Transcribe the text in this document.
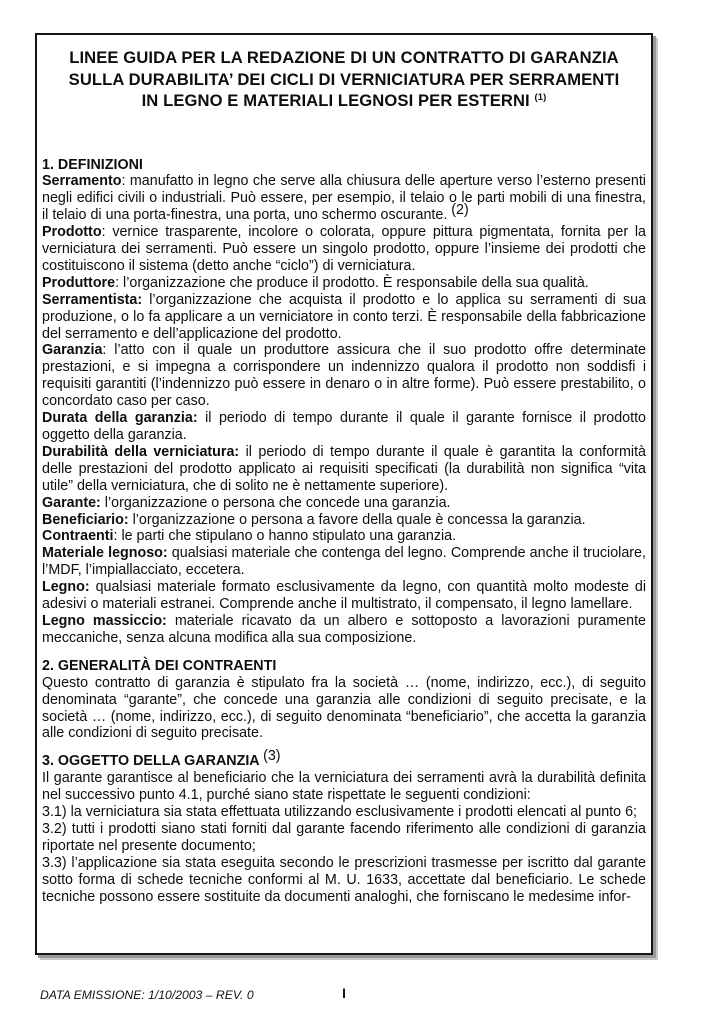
LINEE GUIDA PER LA REDAZIONE DI UN CONTRATTO DI GARANZIA
SULLA DURABILITA’ DEI CICLI DI VERNICIATURA PER SERRAMENTI
IN LEGNO E MATERIALI LEGNOSI PER ESTERNI $^{(1)}$

1. DEFINIZIONI

Serramento: manufatto in legno che serve alla chiusura delle aperture verso l’esterno presenti negli edifici civili o industriali. Può essere, per esempio, il telaio o le parti mobili di una finestra, il telaio di una porta-finestra, una porta, uno schermo oscurante. (2)

Prodotto: vernice trasparente, incolore o colorata, oppure pittura pigmentata, fornita per la verniciatura dei serramenti. Può essere un singolo prodotto, oppure l’insieme dei prodotti che costituiscono il sistema (detto anche “ciclo”) di verniciatura.

Produttore: l’organizzazione che produce il prodotto. È responsabile della sua qualità.

Serramentista: l’organizzazione che acquista il prodotto e lo applica su serramenti di sua produzione, o lo fa applicare a un verniciatore in conto terzi. È responsabile della fabbricazione del serramento e dell’applicazione del prodotto.

Garanzia: l’atto con il quale un produttore assicura che il suo prodotto offre determinate prestazioni, e si impegna a corrispondere un indennizzo qualora il prodotto non soddisfi i requisiti garantiti (l’indennizzo può essere in denaro o in altre forme). Può essere prestabilito, o concordato caso per caso.

Durata della garanzia: il periodo di tempo durante il quale il garante fornisce il prodotto oggetto della garanzia.

Durabilità della verniciatura: il periodo di tempo durante il quale è garantita la conformità delle prestazioni del prodotto applicato ai requisiti specificati (la durabilità non significa “vita utile” della verniciatura, che di solito ne è nettamente superiore).

Garante: l’organizzazione o persona che concede una garanzia.

Beneficiario: l’organizzazione o persona a favore della quale è concessa la garanzia.

Contraenti: le parti che stipulano o hanno stipulato una garanzia.

Materiale legnoso: qualsiasi materiale che contenga del legno. Comprende anche il truciolare, l’MDF, l’impiallacciato, eccetera.

Legno: qualsiasi materiale formato esclusivamente da legno, con quantità molto modeste di adesivi o materiali estranei. Comprende anche il multistrato, il compensato, il legno lamellare.

Legno massiccio: materiale ricavato da un albero e sottoposto a lavorazioni puramente meccaniche, senza alcuna modifica alla sua composizione.

2. GENERALITÀ DEI CONTRAENTI

Questo contratto di garanzia è stipulato fra la società … (nome, indirizzo, ecc.), di seguito denominata “garante”, che concede una garanzia alle condizioni di seguito precisate, e la società … (nome, indirizzo, ecc.), di seguito denominata “beneficiario”, che accetta la garanzia alle condizioni di seguito precisate.

3. OGGETTO DELLA GARANZIA (3)

Il garante garantisce al beneficiario che la verniciatura dei serramenti avrà la durabilità definita nel successivo punto 4.1, purché siano state rispettate le seguenti condizioni:

3.1) la verniciatura sia stata effettuata utilizzando esclusivamente i prodotti elencati al punto 6;

3.2) tutti i prodotti siano stati forniti dal garante facendo riferimento alle condizioni di garanzia riportate nel presente documento;

3.3) l’applicazione sia stata eseguita secondo le prescrizioni trasmesse per iscritto dal garante sotto forma di schede tecniche conformi al M. U. 1633, accettate dal beneficiario. Le schede tecniche possono essere sostituite da documenti analoghi, che forniscano le medesime infor-

DATA EMISSIONE: 1/10/2003 – REV. 0	I
